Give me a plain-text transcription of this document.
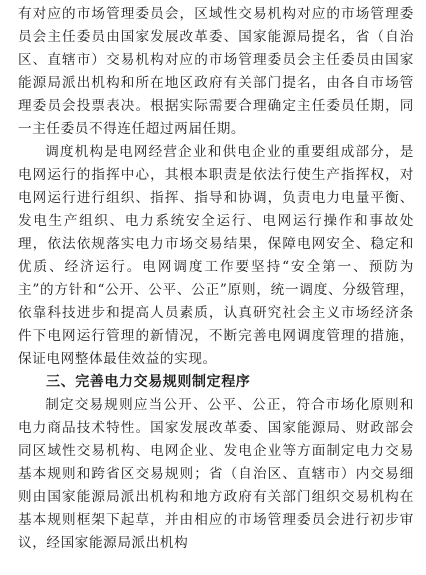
有对应的市场管理委员会，区域性交易机构对应的市场管理委员会主任委员由国家发展改革委、国家能源局提名，省（自治区、直辖市）交易机构对应的市场管理委员会主任委员由国家能源局派出机构和所在地区政府有关部门提名，由各自市场管理委员会投票表决。根据实际需要合理确定主任委员任期，同一主任委员不得连任超过两届任期。

调度机构是电网经营企业和供电企业的重要组成部分，是电网运行的指挥中心，其根本职责是依法行使生产指挥权，对电网运行进行组织、指挥、指导和协调，负责电力电量平衡、发电生产组织、电力系统安全运行、电网运行操作和事故处理，依法依规落实电力市场交易结果，保障电网安全、稳定和优质、经济运行。电网调度工作要坚持“安全第一、预防为主”的方针和“公开、公平、公正”原则，统一调度、分级管理，依靠科技进步和提高人员素质，认真研究社会主义市场经济条件下电网运行管理的新情况，不断完善电网调度管理的措施，保证电网整体最佳效益的实现。

三、完善电力交易规则制定程序

制定交易规则应当公开、公平、公正，符合市场化原则和电力商品技术特性。国家发展改革委、国家能源局、财政部会同区域性交易机构、电网企业、发电企业等方面制定电力交易基本规则和跨省区交易规则；省（自治区、直辖市）内交易细则由国家能源局派出机构和地方政府有关部门组织交易机构在基本规则框架下起草，并由相应的市场管理委员会进行初步审议，经国家能源局派出机构
